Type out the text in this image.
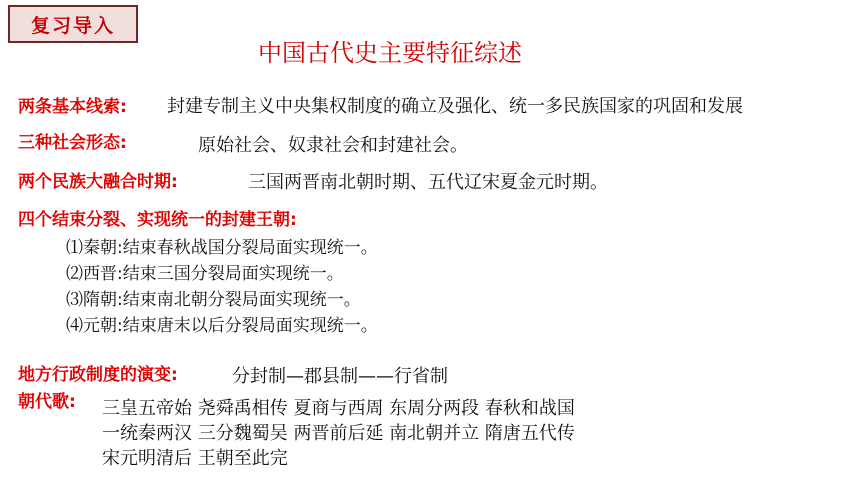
复习导入
中国古代史主要特征综述
两条基本线索: 封建专制主义中央集权制度的确立及强化、统一多民族国家的巩固和发展
三种社会形态:	原始社会、奴隶社会和封建社会。
两个民族大融合时期:	三国两晋南北朝时期、五代辽宋夏金元时期。
四个结束分裂、实现统一的封建王朝:
⑴秦朝:结束春秋战国分裂局面实现统一。
⑵西晋:结束三国分裂局面实现统一。
⑶隋朝:结束南北朝分裂局面实现统一。
⑷元朝:结束唐末以后分裂局面实现统一。
地方行政制度的演变:	分封制—郡县制——行省制
朝代歌: 三皇五帝始 尧舜禹相传 夏商与西周 东周分两段 春秋和战国
一统秦两汉 三分魏蜀吴 两晋前后延 南北朝并立 隋唐五代传
宋元明清后 王朝至此完
